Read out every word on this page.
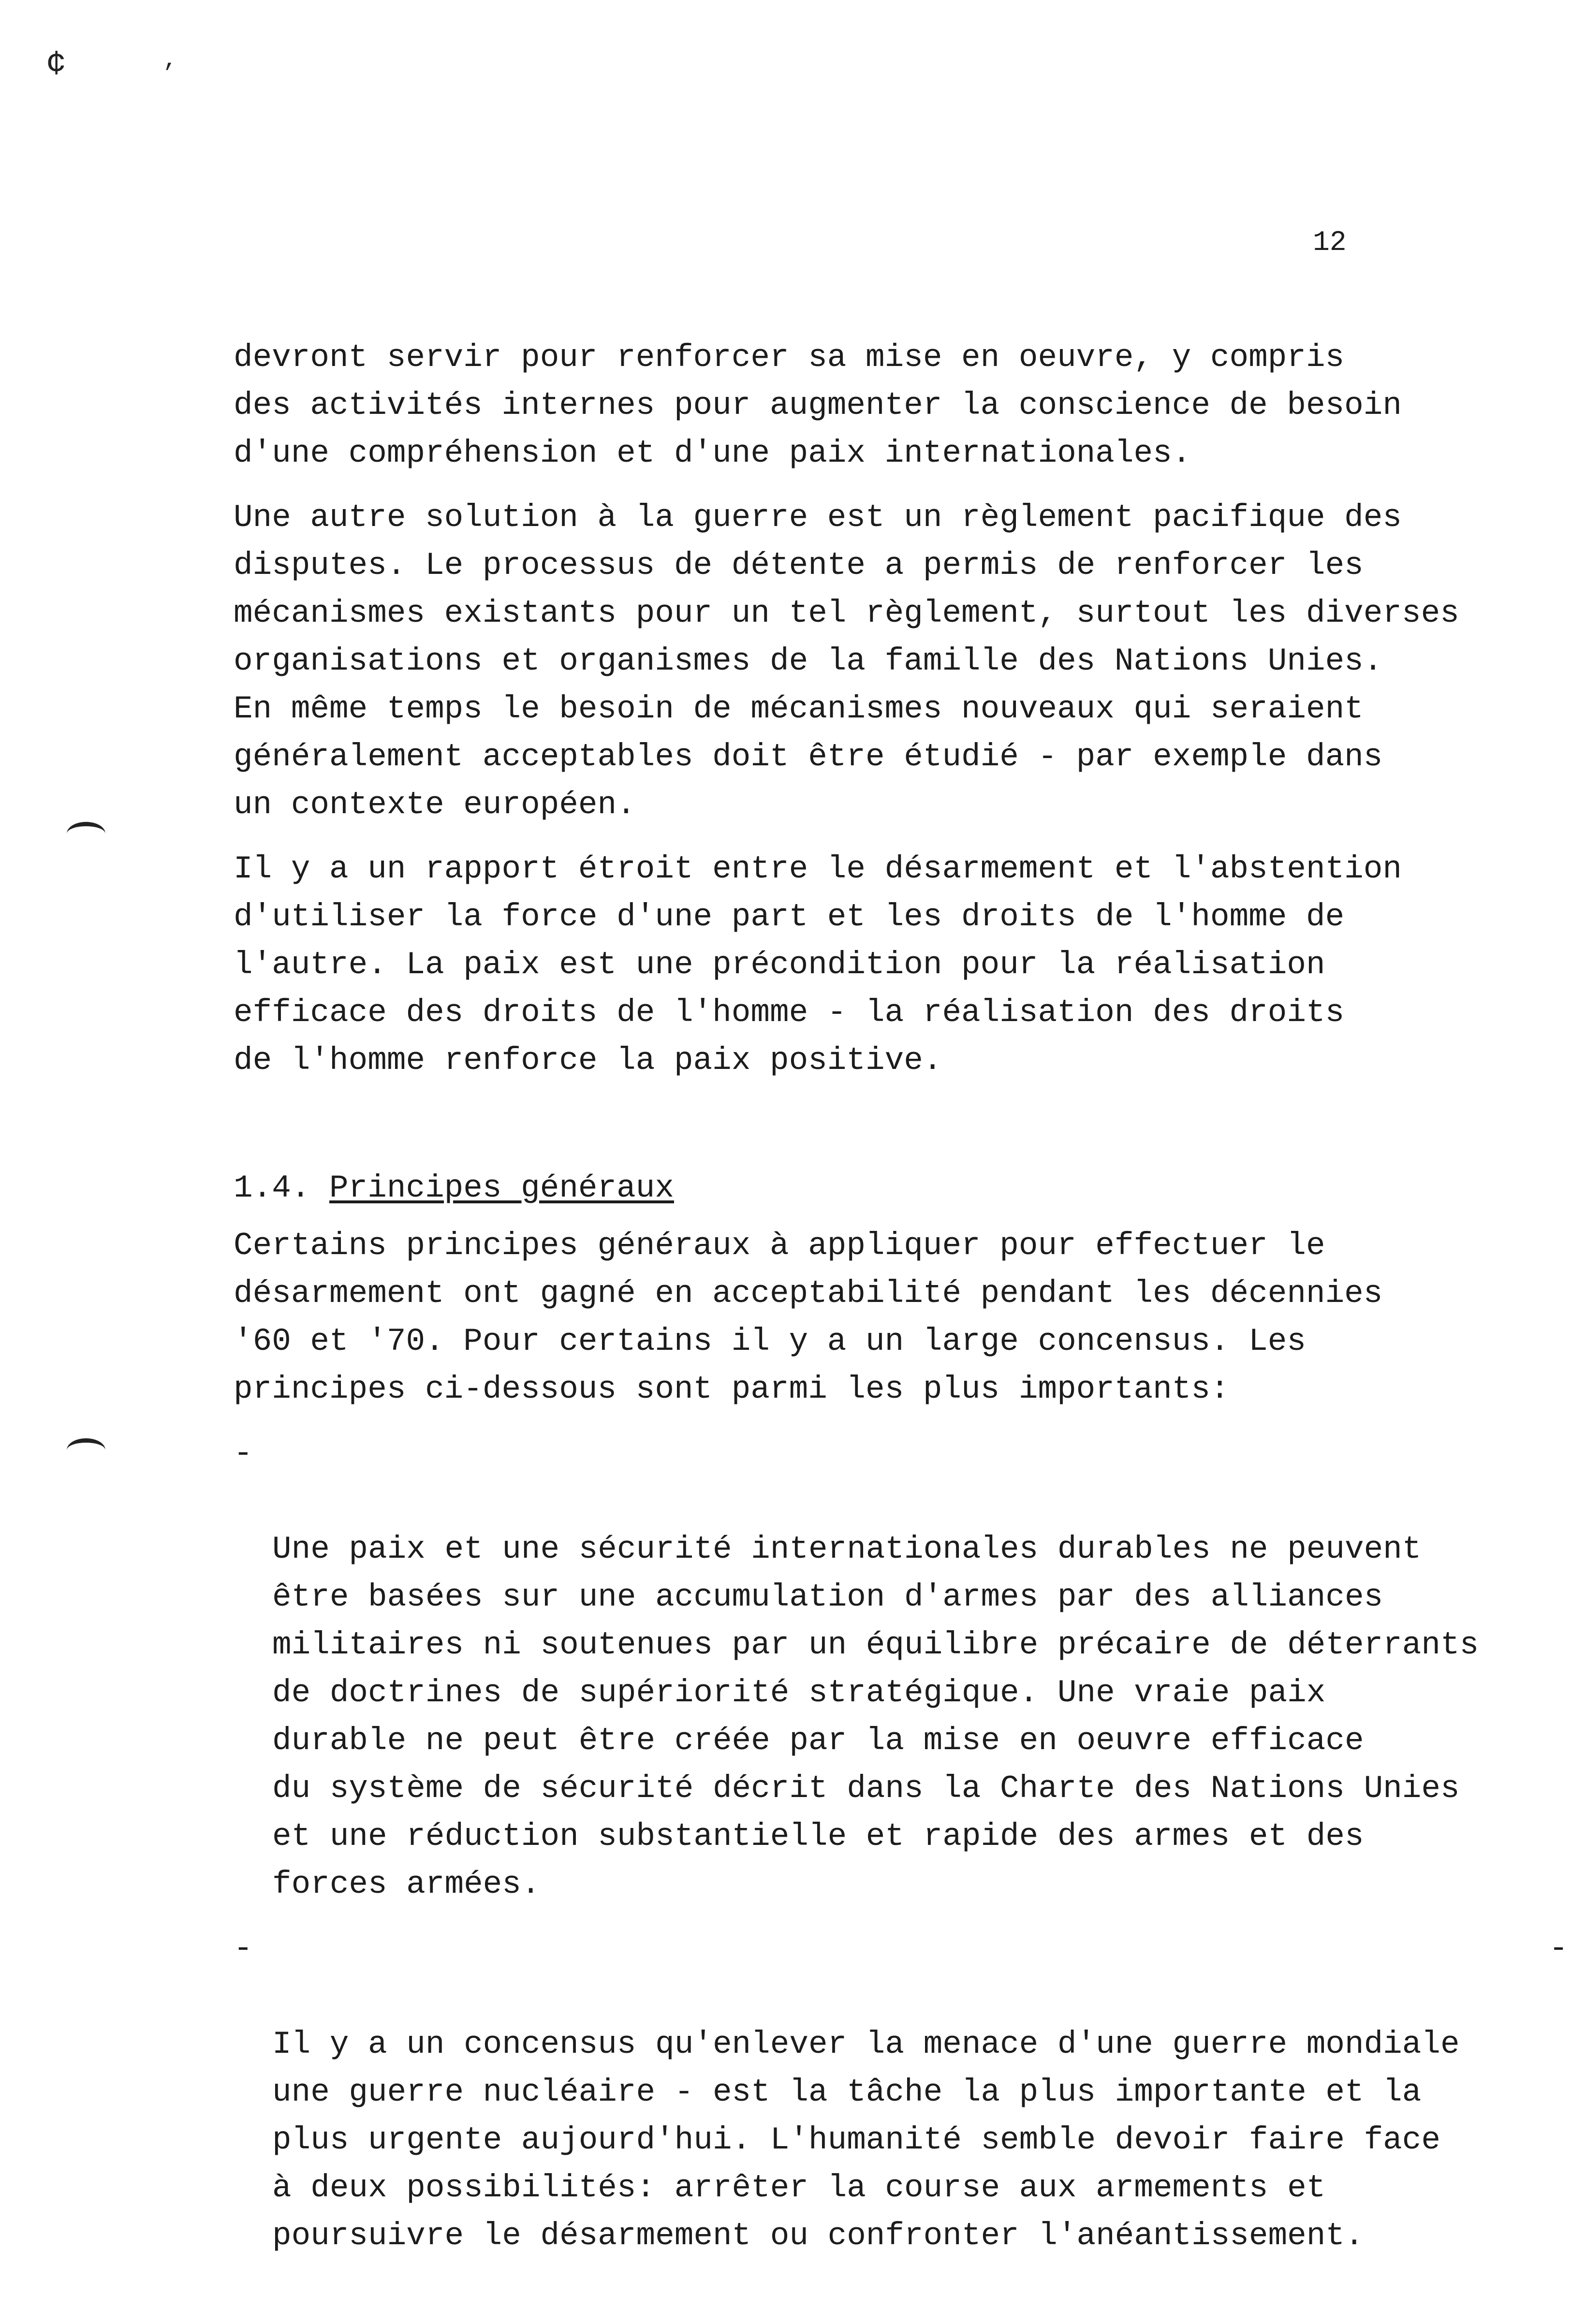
¢	‚
12

devront servir pour renforcer sa mise en oeuvre, y compris
des activités internes pour augmenter la conscience de besoin
d'une compréhension et d'une paix internationales.

Une autre solution à la guerre est un règlement pacifique des
disputes. Le processus de détente a permis de renforcer les
mécanismes existants pour un tel règlement, surtout les diverses
organisations et organismes de la famille des Nations Unies.
En même temps le besoin de mécanismes nouveaux qui seraient
généralement acceptables doit être étudié - par exemple dans
un contexte européen.

Il y a un rapport étroit entre le désarmement et l'abstention
d'utiliser la force d'une part et les droits de l'homme de
l'autre. La paix est une précondition pour la réalisation
efficace des droits de l'homme - la réalisation des droits
de l'homme renforce la paix positive.

1.4. Principes généraux

Certains principes généraux à appliquer pour effectuer le
désarmement ont gagné en acceptabilité pendant les décennies
'60 et '70. Pour certains il y a un large concensus. Les
principes ci-dessous sont parmi les plus importants:

-

Une paix et une sécurité internationales durables ne peuvent
être basées sur une accumulation d'armes par des alliances
militaires ni soutenues par un équilibre précaire de déterrants
de doctrines de supériorité stratégique. Une vraie paix
durable ne peut être créée par la mise en oeuvre efficace
du système de sécurité décrit dans la Charte des Nations Unies
et une réduction substantielle et rapide des armes et des
forces armées.

-

Il y a un concensus qu'enlever la menace d'une guerre mondiale
une guerre nucléaire - est la tâche la plus importante et la
plus urgente aujourd'hui. L'humanité semble devoir faire face
à deux possibilités: arrêter la course aux armements et
poursuivre le désarmement ou confronter l'anéantissement.

-
